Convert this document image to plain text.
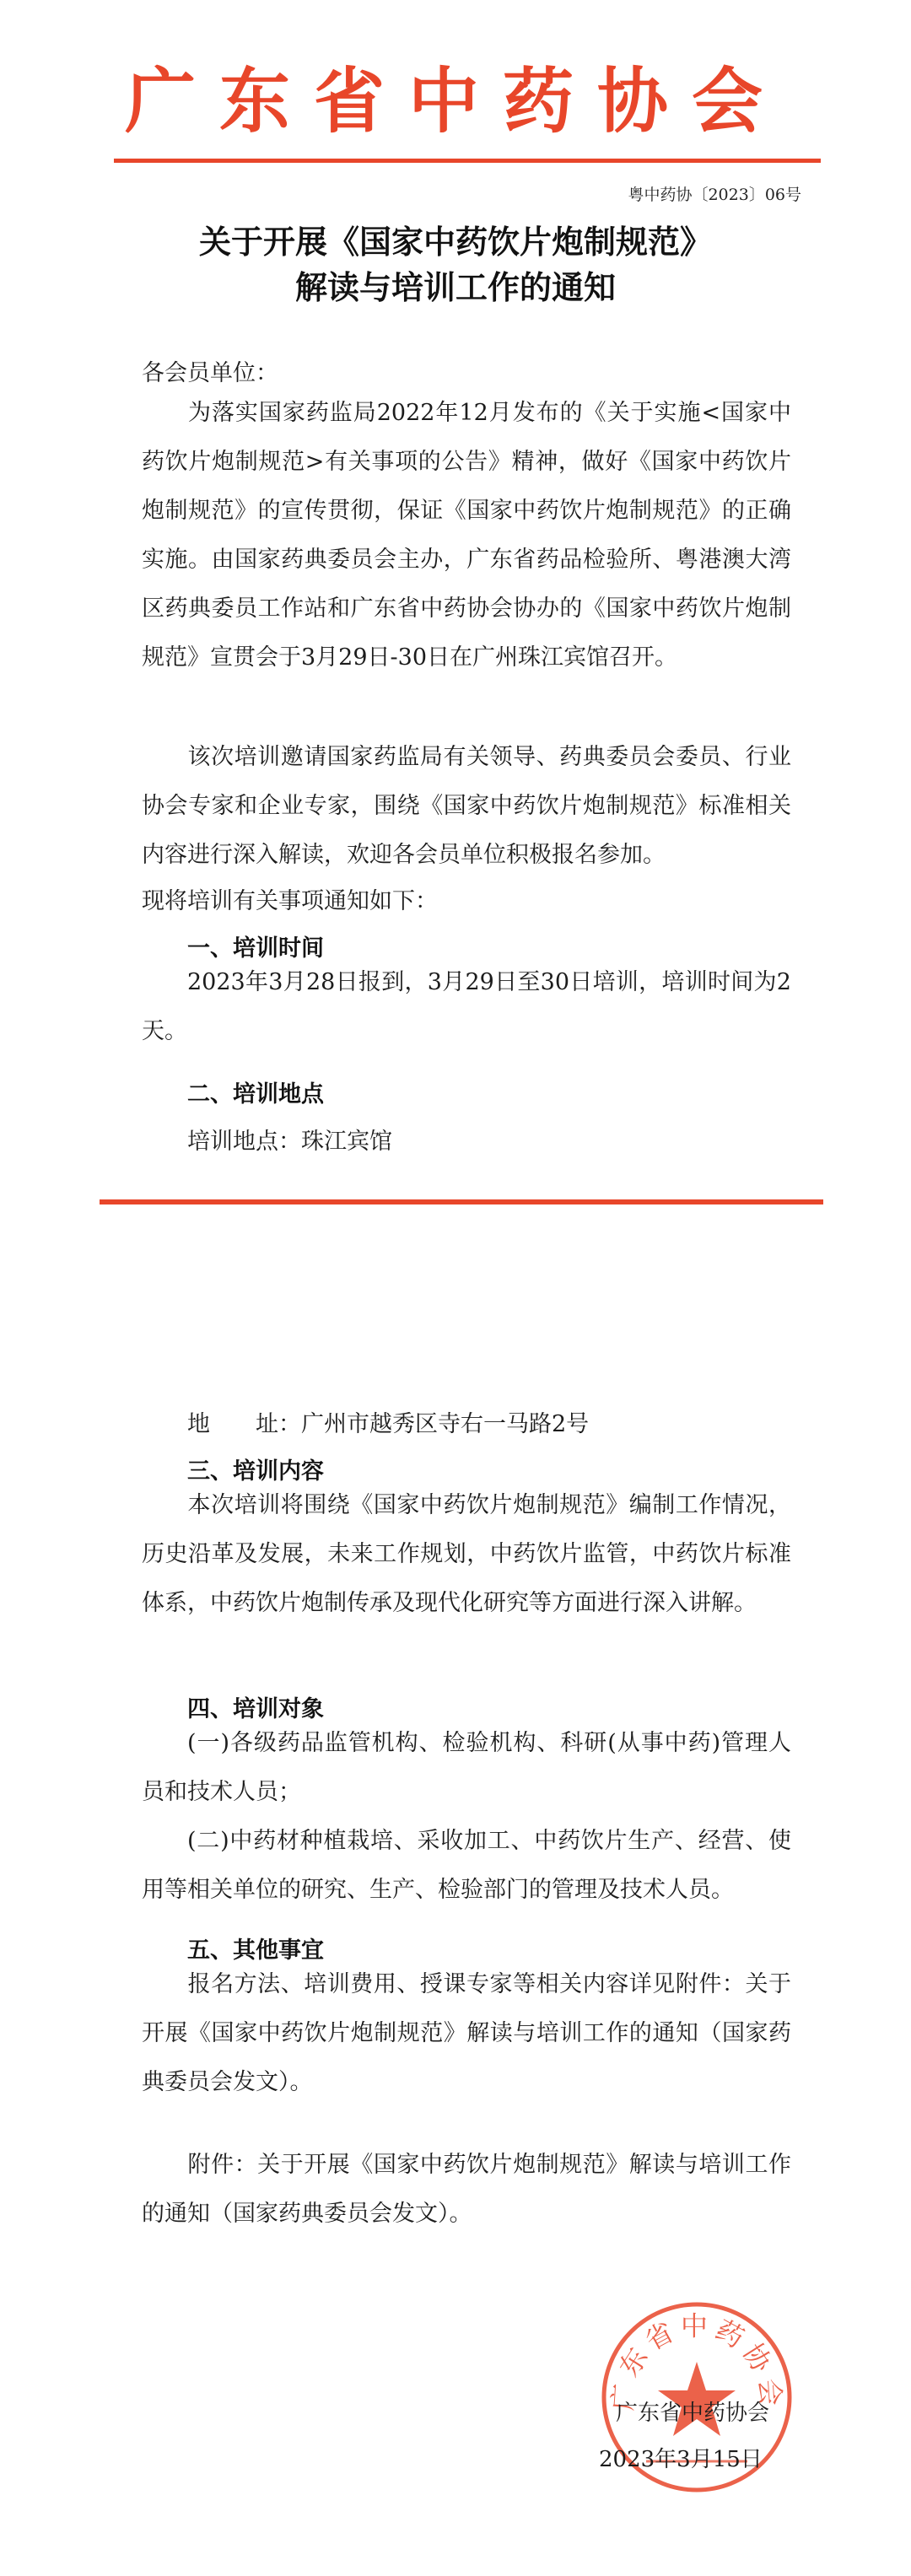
广东省中药协会
粤中药协〔2023〕06号
关于开展《国家中药饮片炮制规范》
解读与培训工作的通知
各会员单位：

为落实国家药监局2022年12月发布的《关于实施<国家中药饮片炮制规范>有关事项的公告》精神，做好《国家中药饮片炮制规范》的宣传贯彻，保证《国家中药饮片炮制规范》的正确实施。由国家药典委员会主办，广东省药品检验所、粤港澳大湾区药典委员工作站和广东省中药协会协办的《国家中药饮片炮制规范》宣贯会于3月29日-30日在广州珠江宾馆召开。

该次培训邀请国家药监局有关领导、药典委员会委员、行业协会专家和企业专家，围绕《国家中药饮片炮制规范》标准相关内容进行深入解读，欢迎各会员单位积极报名参加。

现将培训有关事项通知如下：
一、培训时间

2023年3月28日报到，3月29日至30日培训，培训时间为2天。

二、培训地点
培训地点：珠江宾馆
地　　址：广州市越秀区寺右一马路2号
三、培训内容

本次培训将围绕《国家中药饮片炮制规范》编制工作情况，历史沿革及发展，未来工作规划，中药饮片监管，中药饮片标准体系，中药饮片炮制传承及现代化研究等方面进行深入讲解。

四、培训对象

(一)各级药品监管机构、检验机构、科研(从事中药)管理人员和技术人员；

(二)中药材种植栽培、采收加工、中药饮片生产、经营、使用等相关单位的研究、生产、检验部门的管理及技术人员。

五、其他事宜

报名方法、培训费用、授课专家等相关内容详见附件：关于开展《国家中药饮片炮制规范》解读与培训工作的通知（国家药典委员会发文）。

附件：关于开展《国家中药饮片炮制规范》解读与培训工作的通知（国家药典委员会发文）。

广东省中药协会
广东省中药协会
2023年3月15日
